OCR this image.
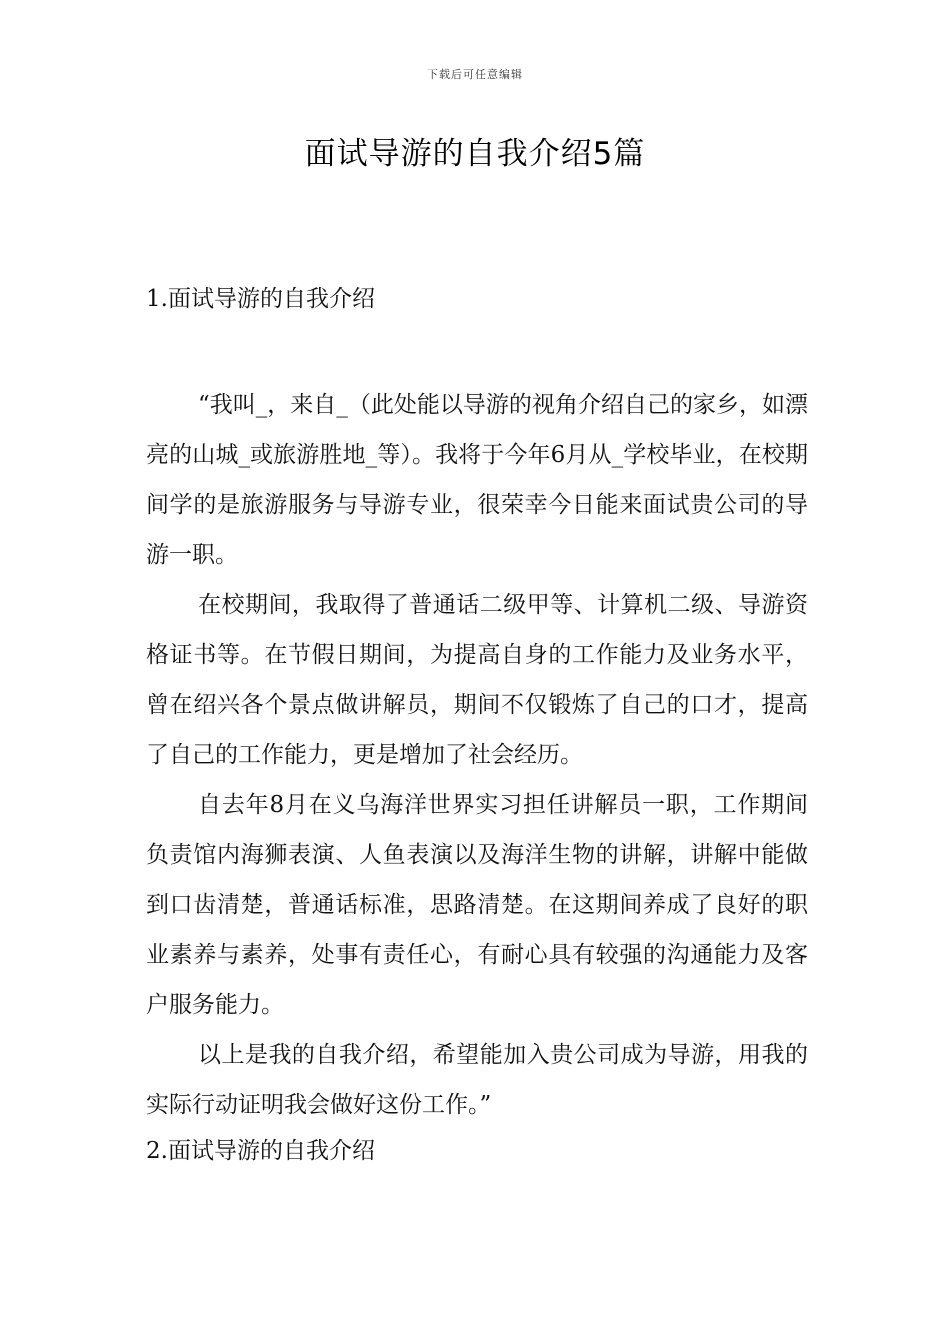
下载后可任意编辑
面试导游的自我介绍5篇

1.面试导游的自我介绍

“我叫_，来自_（此处能以导游的视角介绍自己的家乡，如漂亮的山城_或旅游胜地_等）。我将于今年6月从_学校毕业，在校期间学的是旅游服务与导游专业，很荣幸今日能来面试贵公司的导游一职。

在校期间，我取得了普通话二级甲等、计算机二级、导游资格证书等。在节假日期间，为提高自身的工作能力及业务水平，曾在绍兴各个景点做讲解员，期间不仅锻炼了自己的口才，提高了自己的工作能力，更是增加了社会经历。

自去年8月在义乌海洋世界实习担任讲解员一职，工作期间负责馆内海狮表演、人鱼表演以及海洋生物的讲解，讲解中能做到口齿清楚，普通话标准，思路清楚。在这期间养成了良好的职业素养与素养，处事有责任心，有耐心具有较强的沟通能力及客户服务能力。

以上是我的自我介绍，希望能加入贵公司成为导游，用我的实际行动证明我会做好这份工作。”

2.面试导游的自我介绍
